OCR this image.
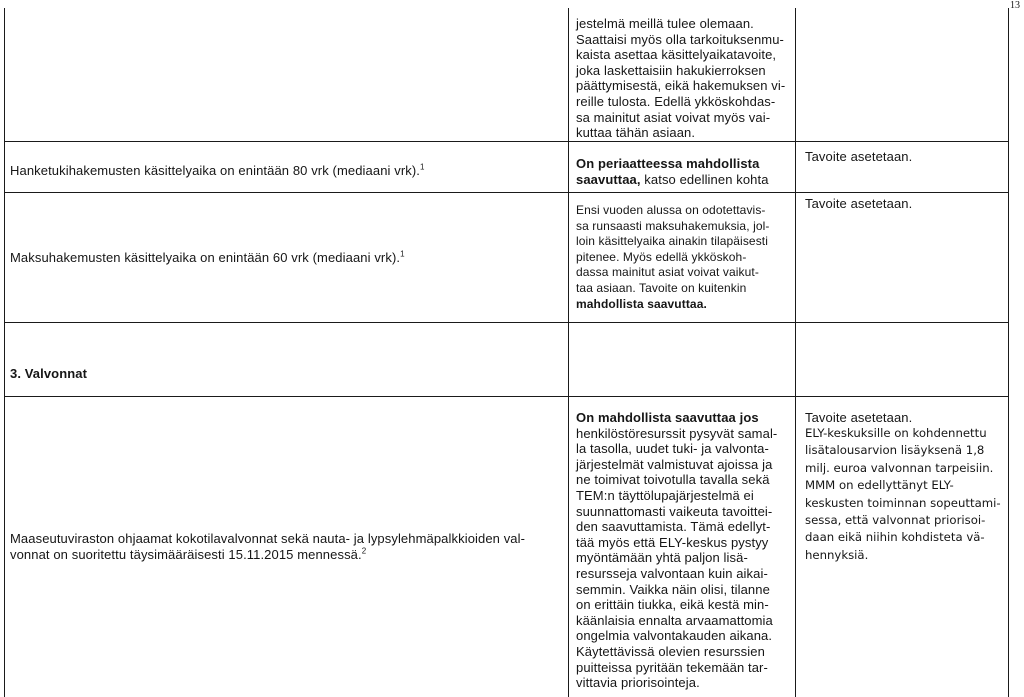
13
jestelmä meillä tulee olemaan.
Saattaisi myös olla tarkoituksenmu-
kaista asettaa käsittelyaikatavoite,
joka laskettaisiin hakukierroksen
päättymisestä, eikä hakemuksen vi-
reille tulosta. Edellä ykköskohdas-
sa mainitut asiat voivat myös vai-
kuttaa tähän asiaan.
Hanketukihakemusten käsittelyaika on enintään 80 vrk (mediaani vrk).$^1$	On periaatteessa mahdollista
saavuttaa, katso edellinen kohta
Tavoite asetetaan.
Maksuhakemusten käsittelyaika on enintään 60 vrk (mediaani vrk).$^1$
Ensi vuoden alussa on odotettavis-
sa runsaasti maksuhakemuksia, jol-
loin käsittelyaika ainakin tilapäisesti
pitenee. Myös edellä ykköskoh-
dassa mainitut asiat voivat vaikut-
taa asiaan. Tavoite on kuitenkin
mahdollista saavuttaa.
Tavoite asetetaan.
3. Valvonnat
Maaseutuviraston ohjaamat kokotilavalvonnat sekä nauta- ja lypsylehmäpalkkioiden val-
vonnat on suoritettu täysimääräisesti 15.11.2015 mennessä.$^2$
On mahdollista saavuttaa jos
henkilöstöresurssit pysyvät samal-
la tasolla, uudet tuki- ja valvonta-
järjestelmät valmistuvat ajoissa ja
ne toimivat toivotulla tavalla sekä
TEM:n täyttölupajärjestelmä ei
suunnattomasti vaikeuta tavoittei-
den saavuttamista. Tämä edellyt-
tää myös että ELY-keskus pystyy
myöntämään yhtä paljon lisä-
resursseja valvontaan kuin aikai-
semmin. Vaikka näin olisi, tilanne
on erittäin tiukka, eikä kestä min-
käänlaisia ennalta arvaamattomia
ongelmia valvontakauden aikana.
Käytettävissä olevien resurssien
puitteissa pyritään tekemään tar-
vittavia priorisointeja.
Tavoite asetetaan.
ELY-keskuksille on kohdennettu
lisätalousarvion lisäyksenä 1,8
milj. euroa valvonnan tarpeisiin.
MMM on edellyttänyt ELY-
keskusten toiminnan sopeuttami-
sessa, että valvonnat priorisoi-
daan eikä niihin kohdisteta vä-
hennyksiä.
